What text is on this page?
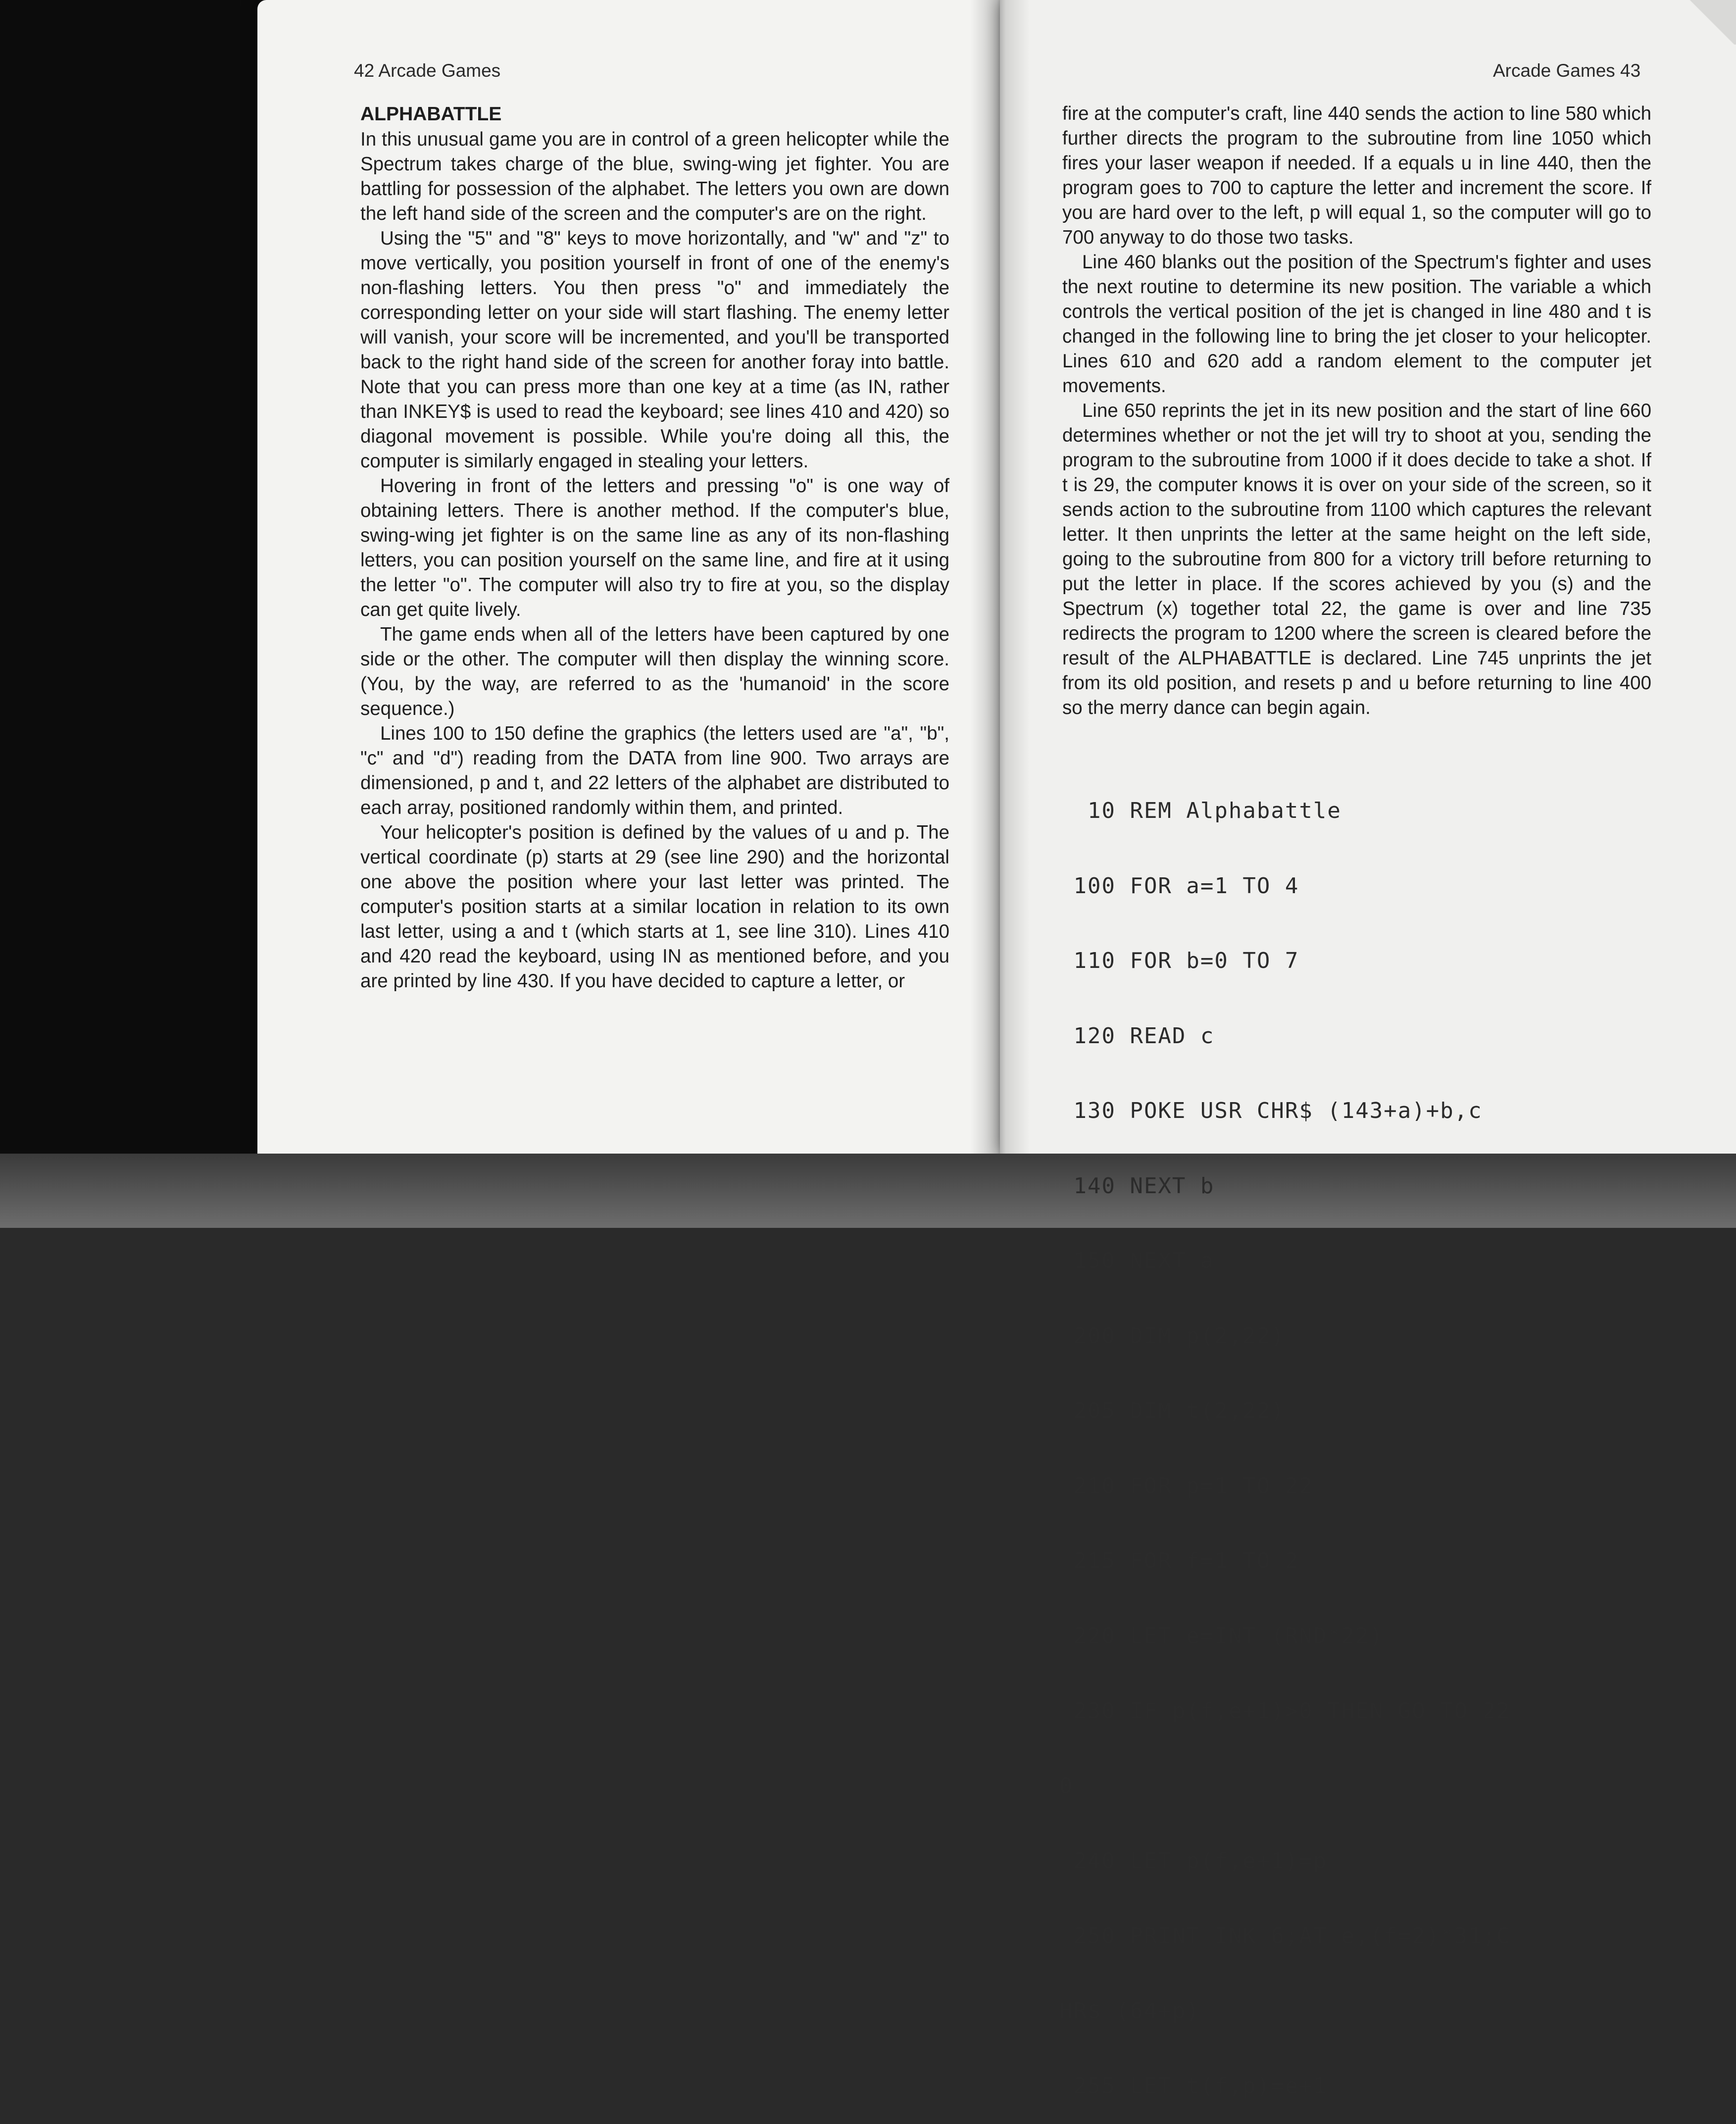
42 Arcade Games	Arcade Games 43
ALPHABATTLE

In this unusual game you are in control of a green helicopter while the Spectrum takes charge of the blue, swing-wing jet fighter. You are battling for possession of the alphabet. The letters you own are down the left hand side of the screen and the computer's are on the right.

Using the "5" and "8" keys to move horizontally, and "w" and "z" to move vertically, you position yourself in front of one of the enemy's non-flashing letters. You then press "o" and immediately the corresponding letter on your side will start flashing. The enemy letter will vanish, your score will be incremented, and you'll be transported back to the right hand side of the screen for another foray into battle. Note that you can press more than one key at a time (as IN, rather than INKEY$ is used to read the keyboard; see lines 410 and 420) so diagonal movement is possible. While you're doing all this, the computer is similarly engaged in stealing your letters.

Hovering in front of the letters and pressing "o" is one way of obtaining letters. There is another method. If the computer's blue, swing-wing jet fighter is on the same line as any of its non-flashing letters, you can position yourself on the same line, and fire at it using the letter "o". The computer will also try to fire at you, so the display can get quite lively.

The game ends when all of the letters have been captured by one side or the other. The computer will then display the winning score. (You, by the way, are referred to as the 'humanoid' in the score sequence.)

Lines 100 to 150 define the graphics (the letters used are "a", "b", "c" and "d") reading from the DATA from line 900. Two arrays are dimensioned, p and t, and 22 letters of the alphabet are distributed to each array, positioned randomly within them, and printed.

Your helicopter's position is defined by the values of u and p. The vertical coordinate (p) starts at 29 (see line 290) and the horizontal one above the position where your last letter was printed. The computer's position starts at a similar location in relation to its own last letter, using a and t (which starts at 1, see line 310). Lines 410 and 420 read the keyboard, using IN as mentioned before, and you are printed by line 430. If you have decided to capture a letter, or

fire at the computer's craft, line 440 sends the action to line 580 which further directs the program to the subroutine from line 1050 which fires your laser weapon if needed. If a equals u in line 440, then the program goes to 700 to capture the letter and increment the score. If you are hard over to the left, p will equal 1, so the computer will go to 700 anyway to do those two tasks.

Line 460 blanks out the position of the Spectrum's fighter and uses the next routine to determine its new position. The variable a which controls the vertical position of the jet is changed in line 480 and t is changed in the following line to bring the jet closer to your helicopter. Lines 610 and 620 add a random element to the computer jet movements.

Line 650 reprints the jet in its new position and the start of line 660 determines whether or not the jet will try to shoot at you, sending the program to the subroutine from 1000 if it does decide to take a shot. If t is 29, the computer knows it is over on your side of the screen, so it sends action to the subroutine from 1100 which captures the relevant letter. It then unprints the letter at the same height on the left side, going to the subroutine from 800 for a victory trill before returning to put the letter in place. If the scores achieved by you (s) and the Spectrum (x) together total 22, the game is over and line 735 redirects the program to 1200 where the screen is cleared before the result of the ALPHABATTLE is declared. Line 745 unprints the jet from its old position, and resets p and u before returning to line 400 so the merry dance can begin again.

10 REM Alphabattle

100 FOR a=1 TO 4

110 FOR b=0 TO 7

120 READ c

130 POKE USR CHR$ (143+a)+b,c

140 NEXT b

150 NEXT a

200 DIM p(2,22)

205 DIM t(2,22)

210 FOR p=1 TO 22

215 FOR f=1 TO 2

220 LET e=INT (RND*22)

230 IF p(f,e+1)>0 THEN GO TO 22

0

240 LET p(f,e+1)=p

250 PRINT INK 6;AT e,(f=2)*31;C

HR$ (64+p)

255 LET t(f,p)=e+1
